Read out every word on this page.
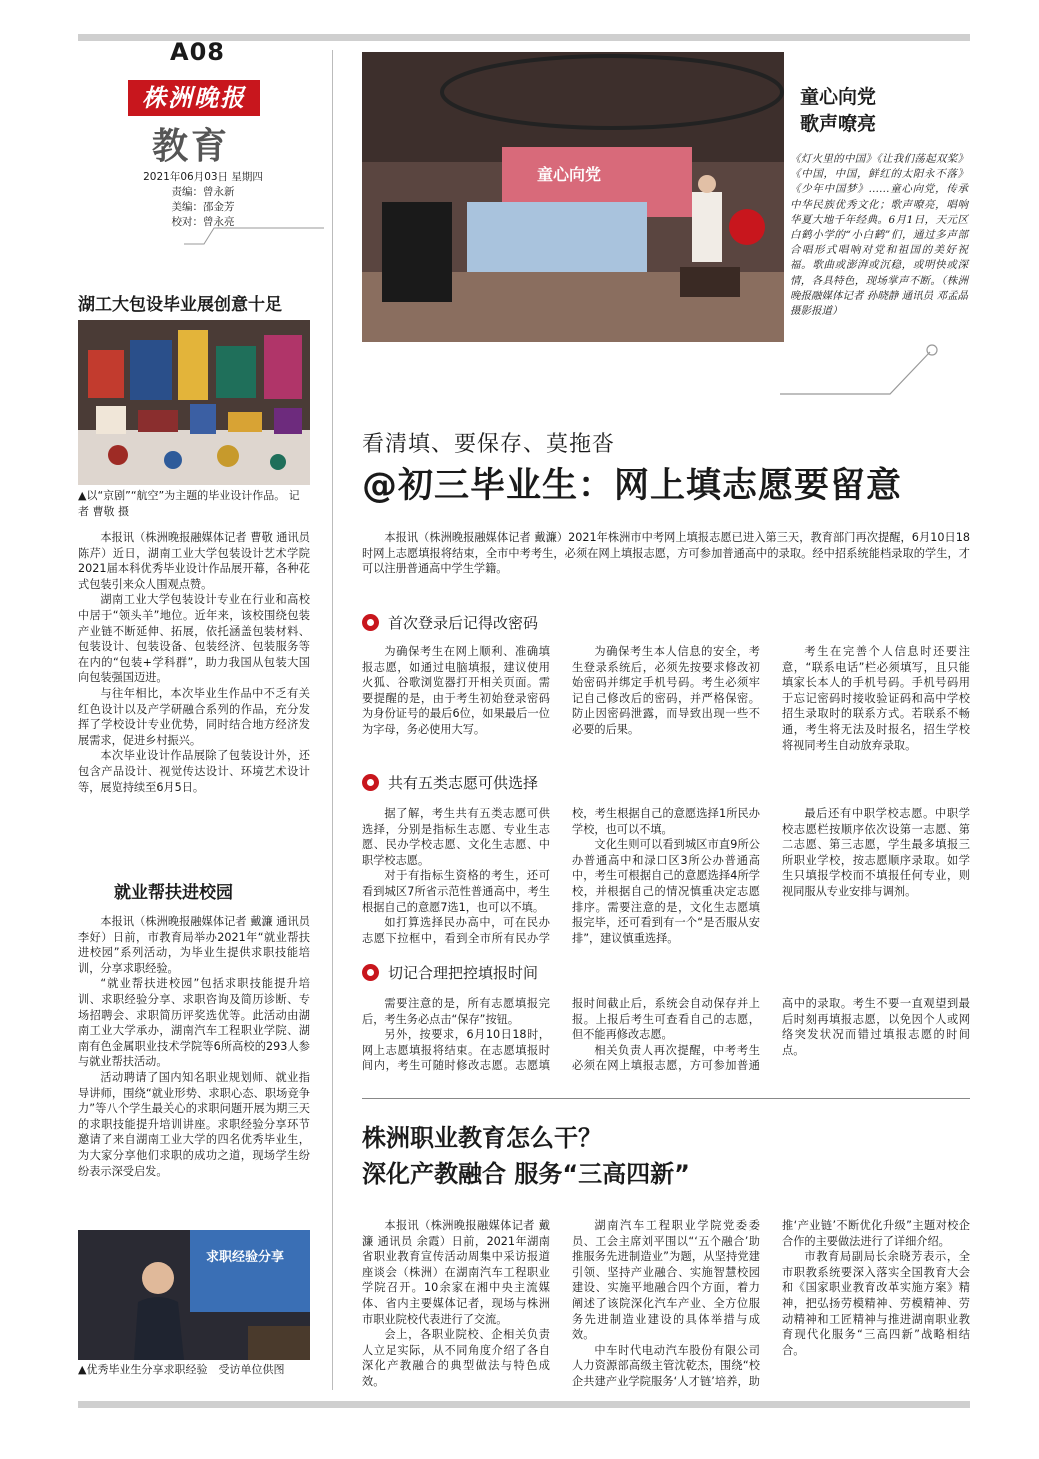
A08
株洲晚报
教育
2021年06月03日 星期四
责编：曾永新
美编：邵金芳
校对：曾永亮
湖工大包设毕业展创意十足
▲以“京剧”“航空”为主题的毕业设计作品。 记者 曹敬 摄

本报讯（株洲晚报融媒体记者 曹敬 通讯员 陈芹）近日，湖南工业大学包装设计艺术学院2021届本科优秀毕业设计作品展开幕，各种花式包装引来众人围观点赞。

湖南工业大学包装设计专业在行业和高校中居于“领头羊”地位。近年来，该校围绕包装产业链不断延伸、拓展，依托涵盖包装材料、包装设计、包装设备、包装经济、包装服务等在内的“包装+学科群”，助力我国从包装大国向包装强国迈进。

与往年相比，本次毕业生作品中不乏有关红色设计以及产学研融合系列的作品，充分发挥了学校设计专业优势，同时结合地方经济发展需求，促进乡村振兴。

本次毕业设计作品展除了包装设计外，还包含产品设计、视觉传达设计、环境艺术设计等，展览持续至6月5日。

就业帮扶进校园

本报讯（株洲晚报融媒体记者 戴濂 通讯员 李好）日前，市教育局举办2021年“就业帮扶进校园”系列活动，为毕业生提供求职技能培训，分享求职经验。

“就业帮扶进校园”包括求职技能提升培训、求职经验分享、求职咨询及简历诊断、专场招聘会、求职简历评奖选优等。此活动由湖南工业大学承办，湖南汽车工程职业学院、湖南有色金属职业技术学院等6所高校的293人参与就业帮扶活动。

活动聘请了国内知名职业规划师、就业指导讲师，围绕“就业形势、求职心态、职场竞争力”等八个学生最关心的求职问题开展为期三天的求职技能提升培训讲座。求职经验分享环节邀请了来自湖南工业大学的四名优秀毕业生，为大家分享他们求职的成功之道，现场学生纷纷表示深受启发。

求职经验分享
▲优秀毕业生分享求职经验　受访单位供图
童心向党
童心向党
歌声嘹亮
《灯火里的中国》《让我们荡起双桨》《中国，中国，鲜红的太阳永不落》《少年中国梦》……童心向党，传承中华民族优秀文化；歌声嘹亮，唱响华夏大地千年经典。6月1日，天元区白鹤小学的“小白鹤”们，通过多声部合唱形式唱响对党和祖国的美好祝福。歌曲或澎湃或沉稳，或明快或深情，各具特色，现场掌声不断。（株洲晚报融媒体记者 孙晓静 通讯员 邓孟晶 摄影报道）
看清填、要保存、莫拖沓
@初三毕业生：网上填志愿要留意

本报讯（株洲晚报融媒体记者 戴濂）2021年株洲市中考网上填报志愿已进入第三天，教育部门再次提醒，6月10日18时网上志愿填报将结束，全市中考考生，必须在网上填报志愿，方可参加普通高中的录取。经中招系统能档录取的学生，才可以注册普通高中学生学籍。

首次登录后记得改密码

为确保考生在网上顺利、准确填报志愿，如通过电脑填报，建议使用火狐、谷歌浏览器打开相关页面。需要提醒的是，由于考生初始登录密码为身份证号的最后6位，如果最后一位为字母，务必使用大写。

为确保考生本人信息的安全，考生登录系统后，必须先按要求修改初始密码并绑定手机号码。考生必须牢记自己修改后的密码，并严格保密。防止因密码泄露，而导致出现一些不必要的后果。

考生在完善个人信息时还要注意，“联系电话”栏必须填写，且只能填家长本人的手机号码。手机号码用于忘记密码时接收验证码和高中学校招生录取时的联系方式。若联系不畅通，考生将无法及时报名，招生学校将视同考生自动放弃录取。

共有五类志愿可供选择

据了解，考生共有五类志愿可供选择，分别是指标生志愿、专业生志愿、民办学校志愿、文化生志愿、中职学校志愿。

对于有指标生资格的考生，还可看到城区7所省示范性普通高中，考生根据自己的意愿7选1，也可以不填。

如打算选择民办高中，可在民办志愿下拉框中，看到全市所有民办学校，考生根据自己的意愿选择1所民办学校，也可以不填。

文化生则可以看到城区市直9所公办普通高中和渌口区3所公办普通高中，考生可根据自己的意愿选择4所学校，并根据自己的情况慎重决定志愿排序。需要注意的是，文化生志愿填报完毕，还可看到有一个“是否服从安排”，建议慎重选择。

最后还有中职学校志愿。中职学校志愿栏按顺序依次设第一志愿、第二志愿、第三志愿，学生最多填报三所职业学校，按志愿顺序录取。如学生只填报学校而不填报任何专业，则视同服从专业安排与调剂。

切记合理把控填报时间

需要注意的是，所有志愿填报完后，考生务必点击“保存”按钮。

另外，按要求，6月10日18时，网上志愿填报将结束。在志愿填报时间内，考生可随时修改志愿。志愿填报时间截止后，系统会自动保存并上报。上报后考生可查看自己的志愿，但不能再修改志愿。

相关负责人再次提醒，中考考生必须在网上填报志愿，方可参加普通高中的录取。考生不要一直观望到最后时刻再填报志愿，以免因个人或网络突发状况而错过填报志愿的时间点。

株洲职业教育怎么干？
深化产教融合 服务“三高四新”

本报讯（株洲晚报融媒体记者 戴濂 通讯员 余霞）日前，2021年湖南省职业教育宣传活动周集中采访报道座谈会（株洲）在湖南汽车工程职业学院召开。10余家在湘中央主流媒体、省内主要媒体记者，现场与株洲市职业院校代表进行了交流。

会上，各职业院校、企相关负责人立足实际，从不同角度介绍了各自深化产教融合的典型做法与特色成效。

湖南汽车工程职业学院党委委员、工会主席刘平围以“‘五个融合’助推服务先进制造业”为题，从坚持党建引领、坚持产业融合、实施智慧校园建设、实施平地融合四个方面，着力阐述了该院深化汽车产业、全方位服务先进制造业建设的具体举措与成效。

中车时代电动汽车股份有限公司人力资源部高级主管沈乾杰，围绕“校企共建产业学院服务‘人才链’培养，助推‘产业链’不断优化升级”主题对校企合作的主要做法进行了详细介绍。

市教育局副局长余晓芳表示，全市职教系统要深入落实全国教育大会和《国家职业教育改革实施方案》精神，把弘扬劳模精神、劳模精神、劳动精神和工匠精神与推进湖南职业教育现代化服务“三高四新”战略相结合。
